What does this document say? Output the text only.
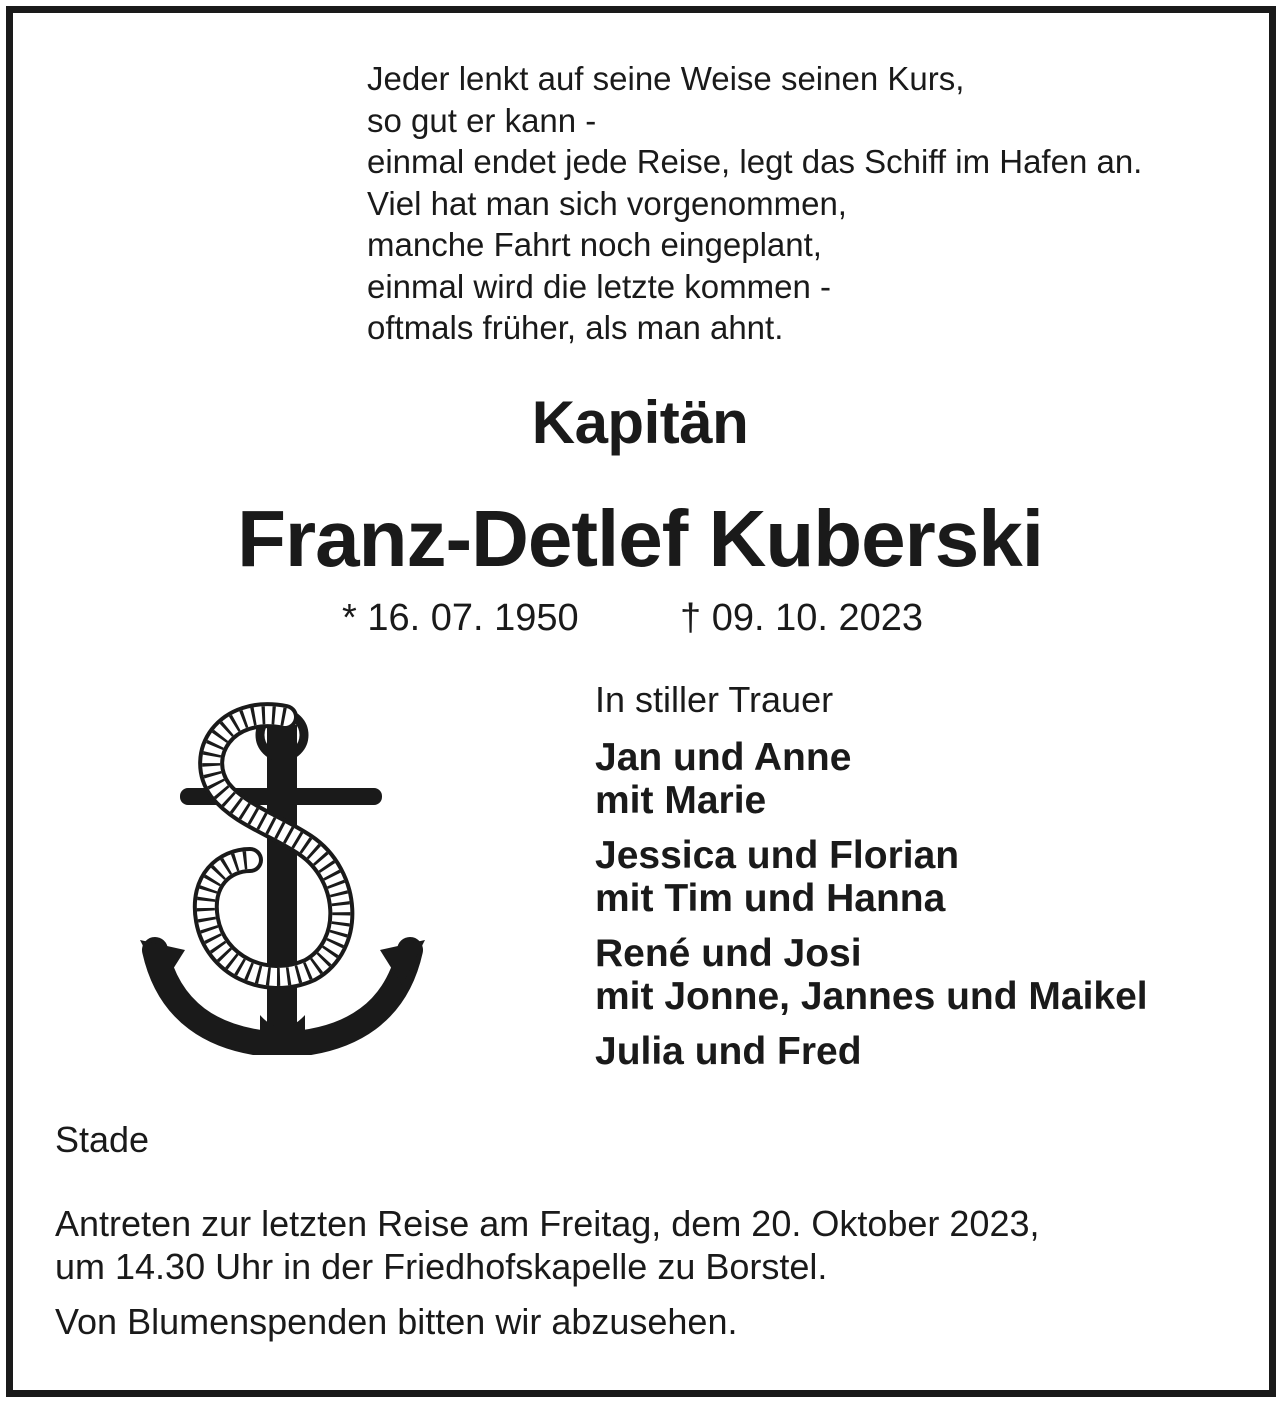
Jeder lenkt auf seine Weise seinen Kurs,
so gut er kann -
einmal endet jede Reise, legt das Schiff im Hafen an.
Viel hat man sich vorgenommen,
manche Fahrt noch eingeplant,
einmal wird die letzte kommen -
oftmals früher, als man ahnt.
Kapitän
Franz-Detlef Kuberski
* 16. 07. 1950	† 09. 10. 2023
In stiller Trauer
Jan und Anne
mit Marie
Jessica und Florian
mit Tim und Hanna
René und Josi
mit Jonne, Jannes und Maikel
Julia und Fred
Stade
Antreten zur letzten Reise am Freitag, dem 20. Oktober 2023,
um 14.30 Uhr in der Friedhofskapelle zu Borstel.
Von Blumenspenden bitten wir abzusehen.
